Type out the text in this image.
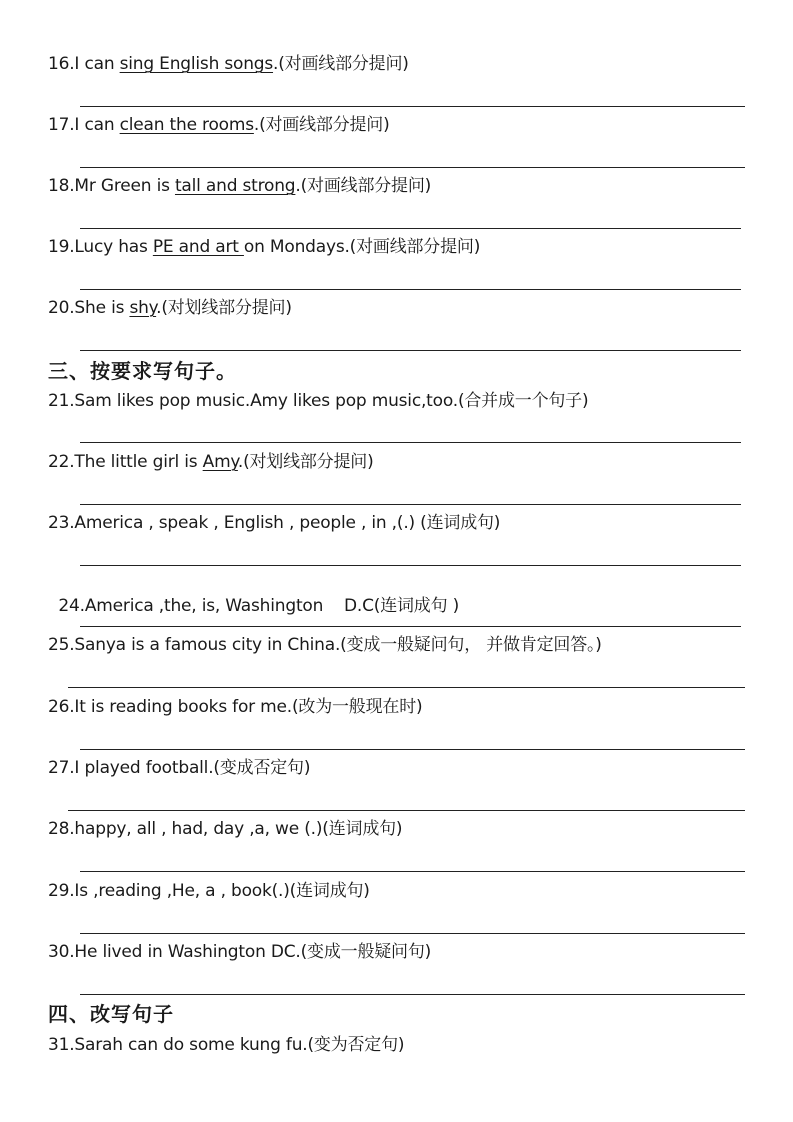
16.I can sing English songs.(对画线部分提问)
17.I can clean the rooms.(对画线部分提问)
18.Mr Green is tall and strong.(对画线部分提问)
19.Lucy has PE and art on Mondays.(对画线部分提问)
20.She is shy.(对划线部分提问)
三、按要求写句子。
21.Sam likes pop music.Amy likes pop music,too.(合并成一个句子)
22.The little girl is Amy.(对划线部分提问)
23.America , speak , English , people , in ,(.) (连词成句)

24.America ,the, is, Washington    D.C(连词成句 )

25.Sanya is a famous city in China.(变成一般疑问句， 并做肯定回答。)
26.It is reading books for me.(改为一般现在时)
27.I played football.(变成否定句)
28.happy, all , had, day ,a, we (.)(连词成句)
29.Is ,reading ,He, a , book(.)(连词成句)
30.He lived in Washington DC.(变成一般疑问句)
四、改写句子
31.Sarah can do some kung fu.(变为否定句)
